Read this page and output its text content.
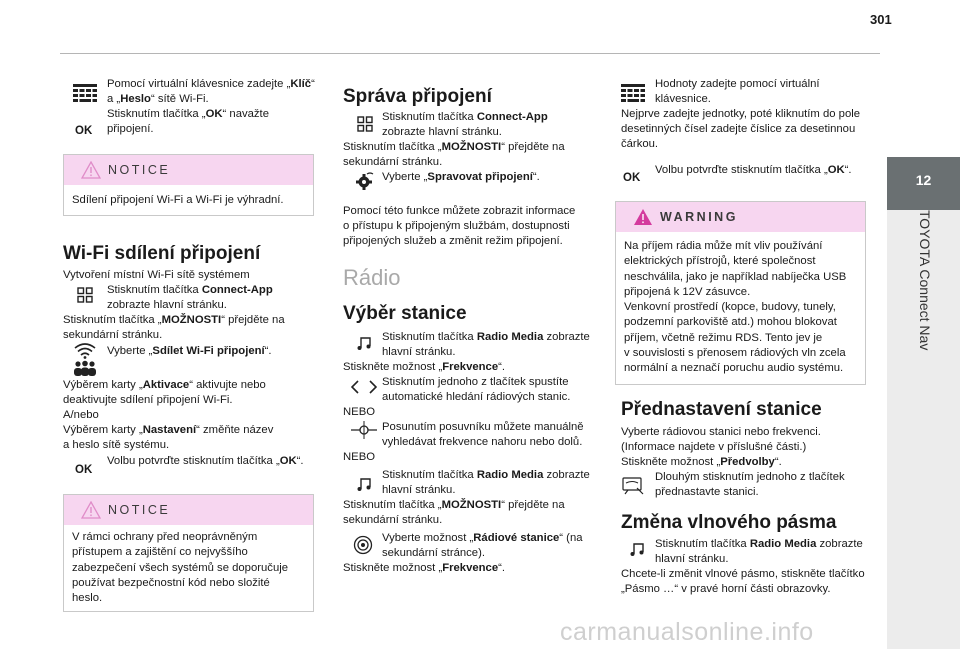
301
12
TOYOTA Connect Nav
Pomocí virtuální klávesnice zadejte „Klíč“
a „Heslo“ sítě Wi-Fi.
OK
Stisknutím tlačítka „OK“ navažte
připojení.
NOTICE
Sdílení připojení Wi-Fi a Wi-Fi je výhradní.
Wi-Fi sdílení připojení
Vytvoření místní Wi-Fi sítě systémem
Stisknutím tlačítka Connect-App
zobrazte hlavní stránku.
Stisknutím tlačítka „MOŽNOSTI“ přejděte na
sekundární stránku.
Vyberte „Sdílet Wi-Fi připojení“.
Výběrem karty „Aktivace“ aktivujte nebo
deaktivujte sdílení připojení Wi-Fi.
A/nebo
Výběrem karty „Nastavení“ změňte název
a heslo sítě systému.
OK
Volbu potvrďte stisknutím tlačítka „OK“.
NOTICE
V rámci ochrany před neoprávněným
přístupem a zajištění co nejvyššího
zabezpečení všech systémů se doporučuje
používat bezpečnostní kód nebo složité
heslo.
Správa připojení
Stisknutím tlačítka Connect-App
zobrazte hlavní stránku.
Stisknutím tlačítka „MOŽNOSTI“ přejděte na
sekundární stránku.
Vyberte „Spravovat připojení“.
Pomocí této funkce můžete zobrazit informace
o přístupu k připojeným službám, dostupnosti
připojených služeb a změnit režim připojení.
Rádio
Výběr stanice
Stisknutím tlačítka Radio Media zobrazte
hlavní stránku.
Stiskněte možnost „Frekvence“.
Stisknutím jednoho z tlačítek spustíte
automatické hledání rádiových stanic.
NEBO
Posunutím posuvníku můžete manuálně
vyhledávat frekvence nahoru nebo dolů.
NEBO
Stisknutím tlačítka Radio Media zobrazte
hlavní stránku.
Stisknutím tlačítka „MOŽNOSTI“ přejděte na
sekundární stránku.
Vyberte možnost „Rádiové stanice“ (na
sekundární stránce).
Stiskněte možnost „Frekvence“.
Hodnoty zadejte pomocí virtuální
klávesnice.
Nejprve zadejte jednotky, poté kliknutím do pole
desetinných čísel zadejte číslice za desetinnou
čárkou.
OK
Volbu potvrďte stisknutím tlačítka „OK“.
WARNING
Na příjem rádia může mít vliv používání
elektrických přístrojů, které společnost
neschválila, jako je například nabíječka USB
připojená k 12V zásuvce.
Venkovní prostředí (kopce, budovy, tunely,
podzemní parkoviště atd.) mohou blokovat
příjem, včetně režimu RDS. Tento jev je
v souvislosti s přenosem rádiových vln zcela
normální a neznačí poruchu audio systému.
Přednastavení stanice
Vyberte rádiovou stanici nebo frekvenci.
(Informace najdete v příslušné části.)
Stiskněte možnost „Předvolby“.
Dlouhým stisknutím jednoho z tlačítek
přednastavte stanici.
Změna vlnového pásma
Stisknutím tlačítka Radio Media zobrazte
hlavní stránku.
Chcete-li změnit vlnové pásmo, stiskněte tlačítko
„Pásmo …“ v pravé horní části obrazovky.
carmanualsonline.info
